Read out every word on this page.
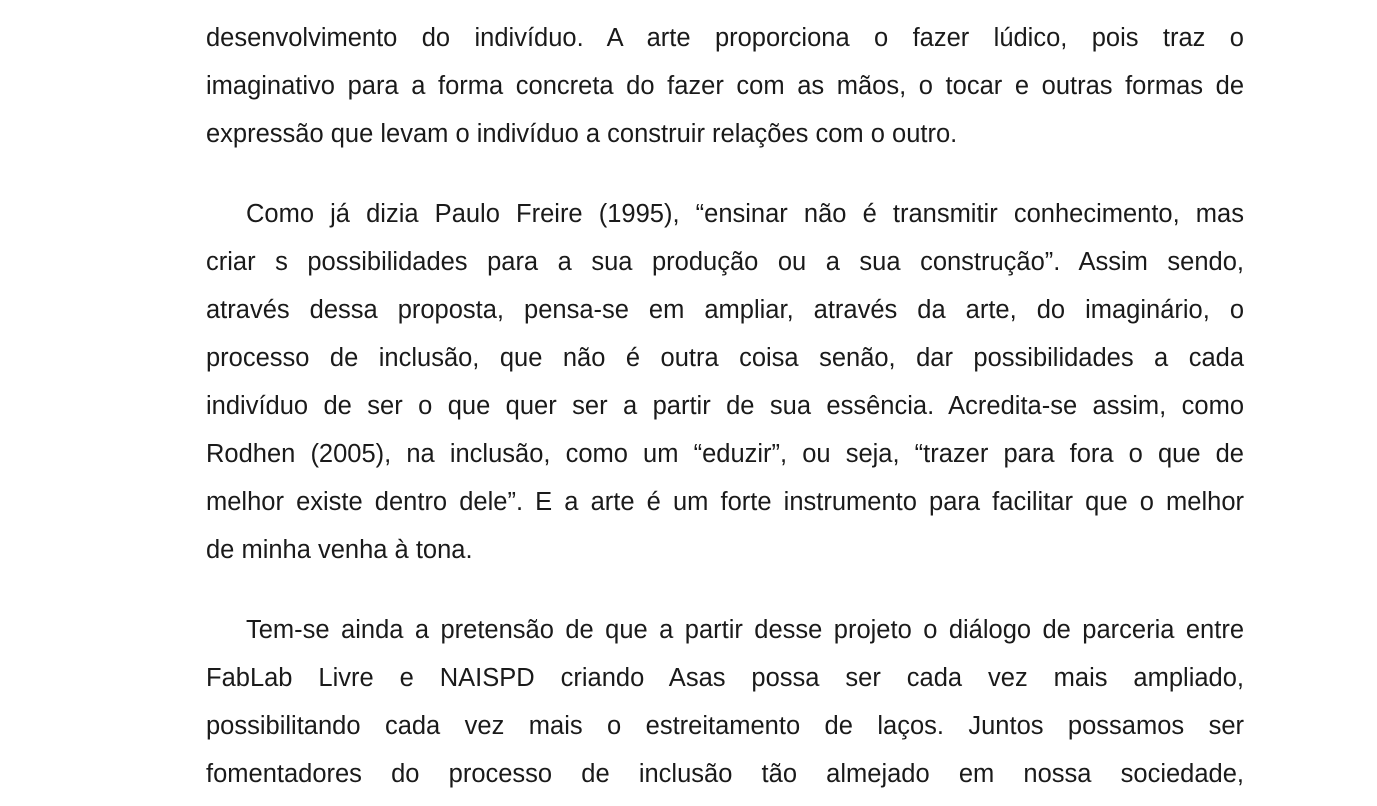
desenvolvimento do indivíduo. A arte proporciona o fazer lúdico, pois traz o
imaginativo para a forma concreta do fazer com as mãos, o tocar e outras formas de
expressão que levam o indivíduo a construir relações com o outro.
Como já dizia Paulo Freire (1995), “ensinar não é transmitir conhecimento, mas
criar s possibilidades para a sua produção ou a sua construção”. Assim sendo,
através dessa proposta, pensa-se em ampliar, através da arte, do imaginário, o
processo de inclusão, que não é outra coisa senão, dar possibilidades a cada
indivíduo de ser o que quer ser a partir de sua essência. Acredita-se assim, como
Rodhen (2005), na inclusão, como um “eduzir”, ou seja, “trazer para fora o que de
melhor existe dentro dele”. E a arte é um forte instrumento para facilitar que o melhor
de minha venha à tona.
Tem-se ainda a pretensão de que a partir desse projeto o diálogo de parceria entre
FabLab Livre e NAISPD criando Asas possa ser cada vez mais ampliado,
possibilitando cada vez mais o estreitamento de laços. Juntos possamos ser
fomentadores do processo de inclusão tão almejado em nossa sociedade,
